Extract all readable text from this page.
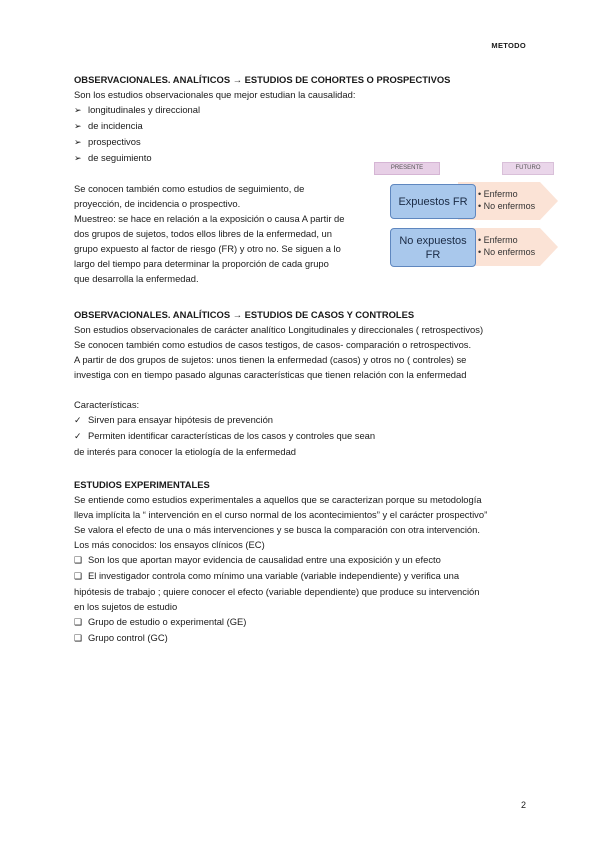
METODO

OBSERVACIONALES. ANALÍTICOS → ESTUDIOS DE COHORTES O PROSPECTIVOS

Son los estudios observacionales que mejor estudian la causalidad:
➢ longitudinales y direccional
➢ de incidencia
➢ prospectivos
➢ de seguimiento
Se conocen también como estudios de seguimiento, de
proyección, de incidencia o prospectivo.
Muestreo: se hace en relación a la exposición o causa A partir de
dos grupos de sujetos, todos ellos libres de la enfermedad, un
grupo expuesto al factor de riesgo (FR) y otro no. Se siguen a lo
largo del tiempo para determinar la proporción de cada grupo
que desarrolla la enfermedad.
PRESENTE	FUTURO
Expuestos FR
No expuestos
FR
• Enfermo
• No enfermos
• Enfermo
• No enfermos

OBSERVACIONALES. ANALÍTICOS → ESTUDIOS DE CASOS Y CONTROLES

Son estudios observacionales de carácter analítico Longitudinales y direccionales ( retrospectivos)
Se conocen también como estudios de casos testigos, de casos- comparación o retrospectivos.
A partir de dos grupos de sujetos: unos tienen la enfermedad (casos) y otros no ( controles) se
investiga con en tiempo pasado algunas características que tienen relación con la enfermedad
Características:
✓ Sirven para ensayar hipótesis de prevención
✓ Permiten identificar características de los casos y controles que sean
de interés para conocer la etiología de la enfermedad

ESTUDIOS EXPERIMENTALES

Se entiende como estudios experimentales a aquellos que se caracterizan porque su metodología
lleva implícita la “ intervención en el curso normal de los acontecimientos” y el carácter prospectivo”
Se valora el efecto de una o más intervenciones y se busca la comparación con otra intervención.
Los más conocidos: los ensayos clínicos (EC)
❑ Son los que aportan mayor evidencia de causalidad entre una exposición y un efecto
❑ El investigador controla como mínimo una variable (variable independiente) y verifica una
hipótesis de trabajo ; quiere conocer el efecto (variable dependiente) que produce su intervención
en los sujetos de estudio
❑ Grupo de estudio o experimental (GE)
❑ Grupo control (GC)
2
